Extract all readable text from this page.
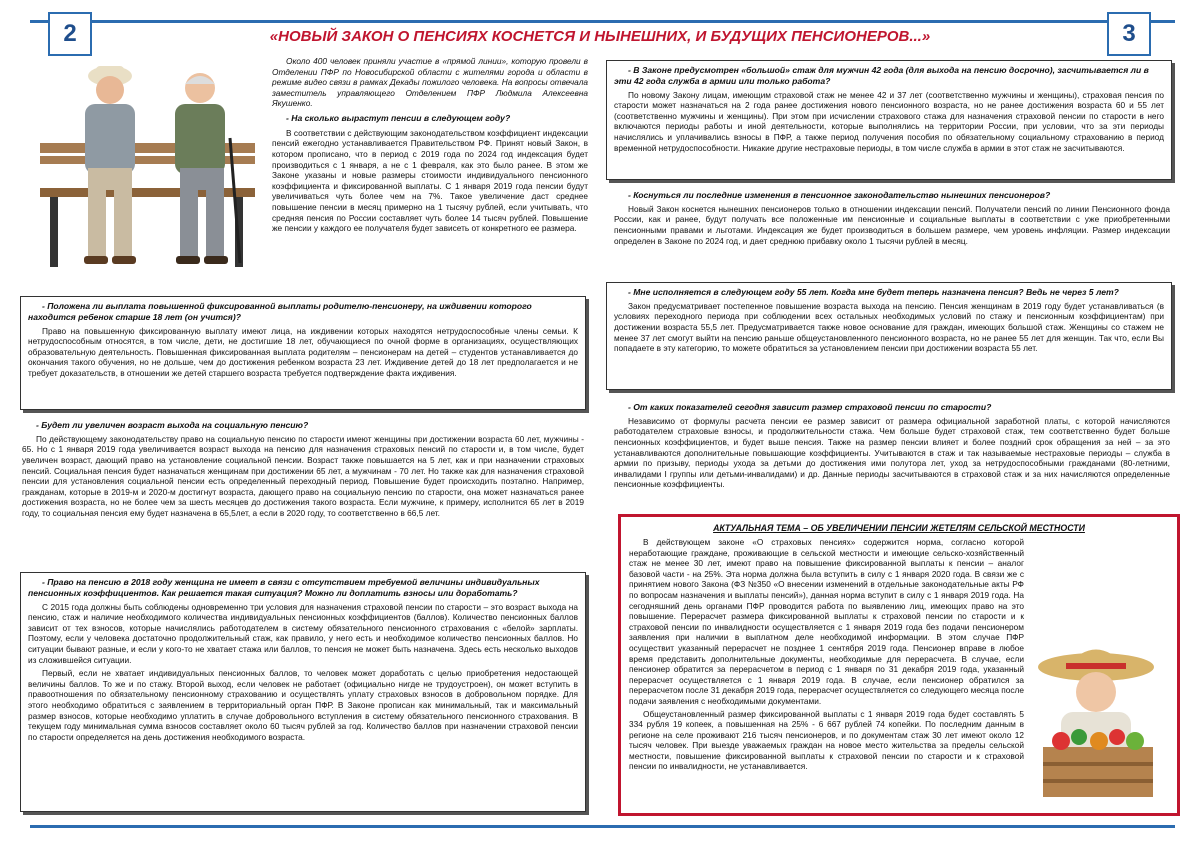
2	3
«НОВЫЙ ЗАКОН О ПЕНСИЯХ КОСНЕТСЯ И НЫНЕШНИХ, И БУДУЩИХ ПЕНСИОНЕРОВ...»

Около 400 человек приняли участие в «прямой линии», которую провели в Отделении ПФР по Новосибирской области с жителями города и области в режиме видео связи в рамках Декады пожилого человека. На вопросы отвечала заместитель управляющего Отделением ПФР Людмила Алексеевна Якушенко.

- На сколько вырастут пенсии в следующем году?

В соответствии с действующим законодательством коэффициент индексации пенсий ежегодно устанавливается Правительством РФ. Принят новый Закон, в котором прописано, что в период с 2019 года по 2024 год индексация будет производиться с 1 января, а не с 1 февраля, как это было ранее. В этом же Законе указаны и новые размеры стоимости индивидуального пенсионного коэффициента и фиксированной выплаты. С 1 января 2019 года пенсии будут увеличиваться чуть более чем на 7%. Такое увеличение даст среднее повышение пенсии в месяц примерно на 1 тысячу рублей, если учитывать, что средняя пенсия по России составляет чуть более 14 тысяч рублей. Повышение же пенсии у каждого ее получателя будет зависеть от конкретного ее размера.

- Положена ли выплата повышенной фиксированной выплаты родителю-пенсионеру, на иждивении которого находится ребенок старше 18 лет (он учится)?

Право на повышенную фиксированную выплату имеют лица, на иждивении которых находятся нетрудоспособные члены семьи. К нетрудоспособным относятся, в том числе, дети, не достигшие 18 лет, обучающиеся по очной форме в организациях, осуществляющих образовательную деятельность. Повышенная фиксированная выплата родителям – пенсионерам на детей – студентов устанавливается до окончания такого обучения, но не дольше, чем до достижения ребенком возраста 23 лет. Иждивение детей до 18 лет предполагается и не требует доказательств, в отношении же детей старшего возраста требуется подтверждение факта иждивения.

- Будет ли увеличен возраст выхода на социальную пенсию?

По действующему законодательству право на социальную пенсию по старости имеют женщины при достижении возраста 60 лет, мужчины - 65. Но с 1 января 2019 года увеличивается возраст выхода на пенсию для назначения страховых пенсий по старости и, в том числе, будет увеличен возраст, дающий право на установление социальной пенсии. Возраст также повышается на 5 лет, как и при назначении страховых пенсий. Социальная пенсия будет назначаться женщинам при достижении 65 лет, а мужчинам - 70 лет. Но также как для назначения страховой пенсии для установления социальной пенсии есть определенный переходный период. Повышение будет происходить поэтапно. Например, гражданам, которые в 2019-м и 2020-м достигнут возраста, дающего право на социальную пенсию по старости, она может назначаться ранее достижения возраста, но не более чем за шесть месяцев до достижения такого возраста. Если мужчине, к примеру, исполнится 65 лет в 2019 году, то социальная пенсия ему будет назначена в 65,5лет, а если в 2020 году, то соответственно в 66,5 лет.

- Право на пенсию в 2018 году женщина не имеет в связи с отсутствием требуемой величины индивидуальных пенсионных коэффициентов. Как решается такая ситуация? Можно ли доплатить взносы или доработать?

С 2015 года должны быть соблюдены одновременно три условия для назначения страховой пенсии по старости – это возраст выхода на пенсию, стаж и наличие необходимого количества индивидуальных пенсионных коэффициентов (баллов). Количество пенсионных баллов зависит от тех взносов, которые начислялись работодателем в систему обязательного пенсионного страхования с «белой» зарплаты. Поэтому, если у человека достаточно продолжительный стаж, как правило, у него есть и необходимое количество пенсионных баллов. Но ситуации бывают разные, и если у кого-то не хватает стажа или баллов, то пенсия не может быть назначена. Здесь есть несколько выходов из сложившейся ситуации.

Первый, если не хватает индивидуальных пенсионных баллов, то человек может доработать с целью приобретения недостающей величины баллов. То же и по стажу. Второй выход, если человек не работает (официально нигде не трудоустроен), он может вступить в правоотношения по обязательному пенсионному страхованию и осуществлять уплату страховых взносов в добровольном порядке. Для этого необходимо обратиться с заявлением в территориальный орган ПФР. В Законе прописан как минимальный, так и максимальный размер взносов, которые необходимо уплатить в случае добровольного вступления в систему обязательного пенсионного страхования. В текущем году минимальная сумма взносов составляет около 60 тысяч рублей за год. Количество баллов при назначении страховой пенсии по старости определяется на день достижения необходимого возраста.

- В Законе предусмотрен «большой» стаж для мужчин 42 года (для выхода на пенсию досрочно), засчитывается ли в эти 42 года служба в армии или только работа?

По новому Закону лицам, имеющим страховой стаж не менее 42 и 37 лет (соответственно мужчины и женщины), страховая пенсия по старости может назначаться на 2 года ранее достижения нового пенсионного возраста, но не ранее достижения возраста 60 и 55 лет (соответственно мужчины и женщины). При этом при исчислении страхового стажа для назначения страховой пенсии по старости в него включаются периоды работы и иной деятельности, которые выполнялись на территории России, при условии, что за эти периоды начислялись и уплачивались взносы в ПФР, а также период получения пособия по обязательному социальному страхованию в период временной нетрудоспособности. Никакие другие нестраховые периоды, в том числе служба в армии в этот стаж не засчитываются.

- Коснуться ли последние изменения в пенсионное законодательство нынешних пенсионеров?

Новый Закон коснется нынешних пенсионеров только в отношении индексации пенсий. Получатели пенсий по линии Пенсионного фонда России, как и ранее, будут получать все положенные им пенсионные и социальные выплаты в соответствии с уже приобретенными пенсионными правами и льготами. Индексация же будет производиться в большем размере, чем уровень инфляции. Размер индексации определен в Законе по 2024 год, и дает среднюю прибавку около 1 тысячи рублей в месяц.

- Мне исполняется в следующем году 55 лет. Когда мне будет теперь назначена пенсия? Ведь не через 5 лет?

Закон предусматривает постепенное повышение возраста выхода на пенсию. Пенсия женщинам в 2019 году будет устанавливаться (в условиях переходного периода при соблюдении всех остальных необходимых условий по стажу и пенсионным коэффициентам) при достижении возраста 55,5 лет. Предусматривается также новое основание для граждан, имеющих большой стаж. Женщины со стажем не менее 37 лет смогут выйти на пенсию раньше общеустановленного пенсионного возраста, но не ранее 55 лет для женщин. Так что, если Вы попадаете в эту категорию, то можете обратиться за установлением пенсии при достижении возраста 55 лет.

- От каких показателей сегодня зависит размер страховой пенсии по старости?

Независимо от формулы расчета пенсии ее размер зависит от размера официальной заработной платы, с которой начисляются работодателем страховые взносы, и продолжительности стажа. Чем больше будет страховой стаж, тем соответственно будет больше пенсионных коэффициентов, и будет выше пенсия. Также на размер пенсии влияет и более поздний срок обращения за ней – за это устанавливаются дополнительные повышающие коэффициенты. Учитываются в стаж и так называемые нестраховые периоды – служба в армии по призыву, периоды ухода за детьми до достижения ими полутора лет, уход за нетрудоспособными гражданами (80-летними, инвалидами I группы или детьми-инвалидами) и др. Данные периоды засчитываются в страховой стаж и за них начисляются определенные пенсионные коэффициенты.

АКТУАЛЬНАЯ ТЕМА – ОБ УВЕЛИЧЕНИИ ПЕНСИИ ЖЕТЕЛЯМ СЕЛЬСКОЙ МЕСТНОСТИ

В действующем законе «О страховых пенсиях» содержится норма, согласно которой неработающие граждане, проживающие в сельской местности и имеющие сельско-хозяйственный стаж не менее 30 лет, имеют право на повышение фиксированной выплаты к пенсии – аналог базовой части - на 25%. Эта норма должна была вступить в силу с 1 января 2020 года. В связи же с принятием нового Закона (ФЗ №350 «О внесении изменений в отдельные законодательные акты РФ по вопросам назначения и выплаты пенсий»), данная норма вступит в силу с 1 января 2019 года. На сегодняшний день органами ПФР проводится работа по выявлению лиц, имеющих право на это повышение. Перерасчет размера фиксированной выплаты к страховой пенсии по старости и к страховой пенсии по инвалидности осуществляется с 1 января 2019 года без подачи пенсионером заявления при наличии в выплатном деле необходимой информации. В этом случае ПФР осуществит указанный перерасчет не позднее 1 сентября 2019 года. Пенсионер вправе в любое время представить дополнительные документы, необходимые для перерасчета. В случае, если пенсионер обратится за перерасчетом в период с 1 января по 31 декабря 2019 года, указанный перерасчет осуществляется с 1 января 2019 года. В случае, если пенсионер обратился за перерасчетом после 31 декабря 2019 года, перерасчет осуществляется со следующего месяца после подачи заявления с необходимыми документами.

Общеустановленный размер фиксированной выплаты с 1 января 2019 года будет составлять 5 334 рубля 19 копеек, а повышенная на 25% - 6 667 рублей 74 копейки. По последним данным в регионе на селе проживают 216 тысяч пенсионеров, и по документам стаж 30 лет имеют около 12 тысяч человек. При выезде уважаемых граждан на новое место жительства за пределы сельской местности, повышение фиксированной выплаты к страховой пенсии по старости и к страховой пенсии по инвалидности, не устанавливается.
